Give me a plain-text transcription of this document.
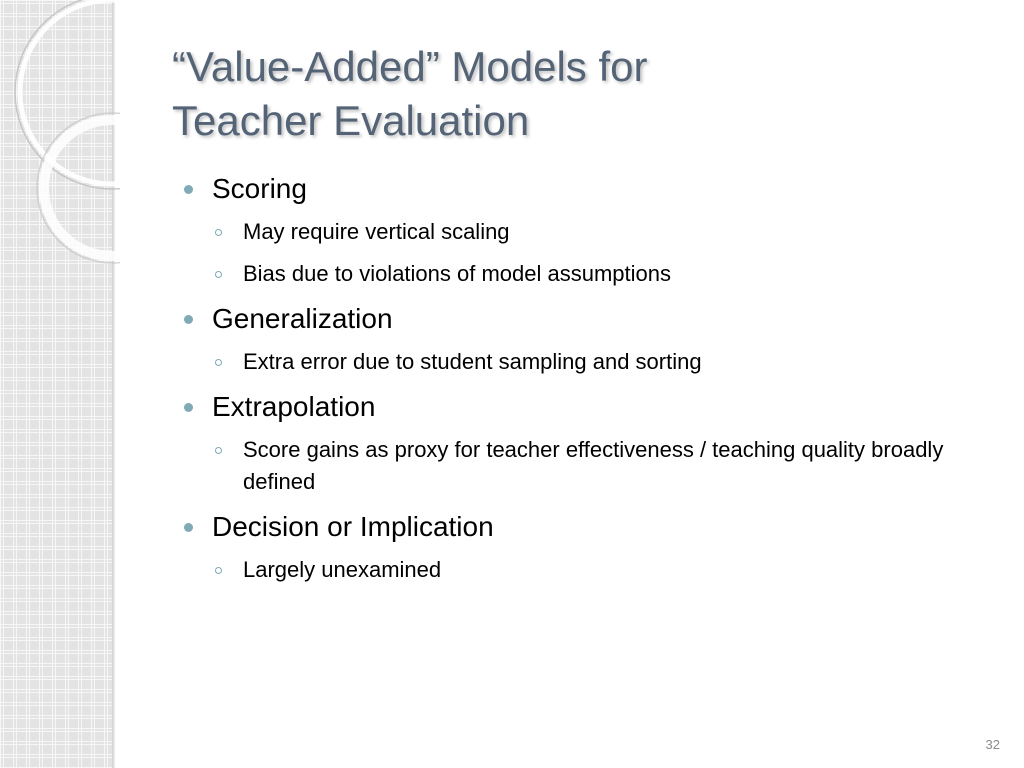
“Value-Added” Models for
Teacher Evaluation
Scoring
May require vertical scaling
Bias due to violations of model assumptions
Generalization
Extra error due to student sampling and sorting
Extrapolation
Score gains as proxy for teacher effectiveness / teaching quality broadly defined
Decision or Implication
Largely unexamined
32
